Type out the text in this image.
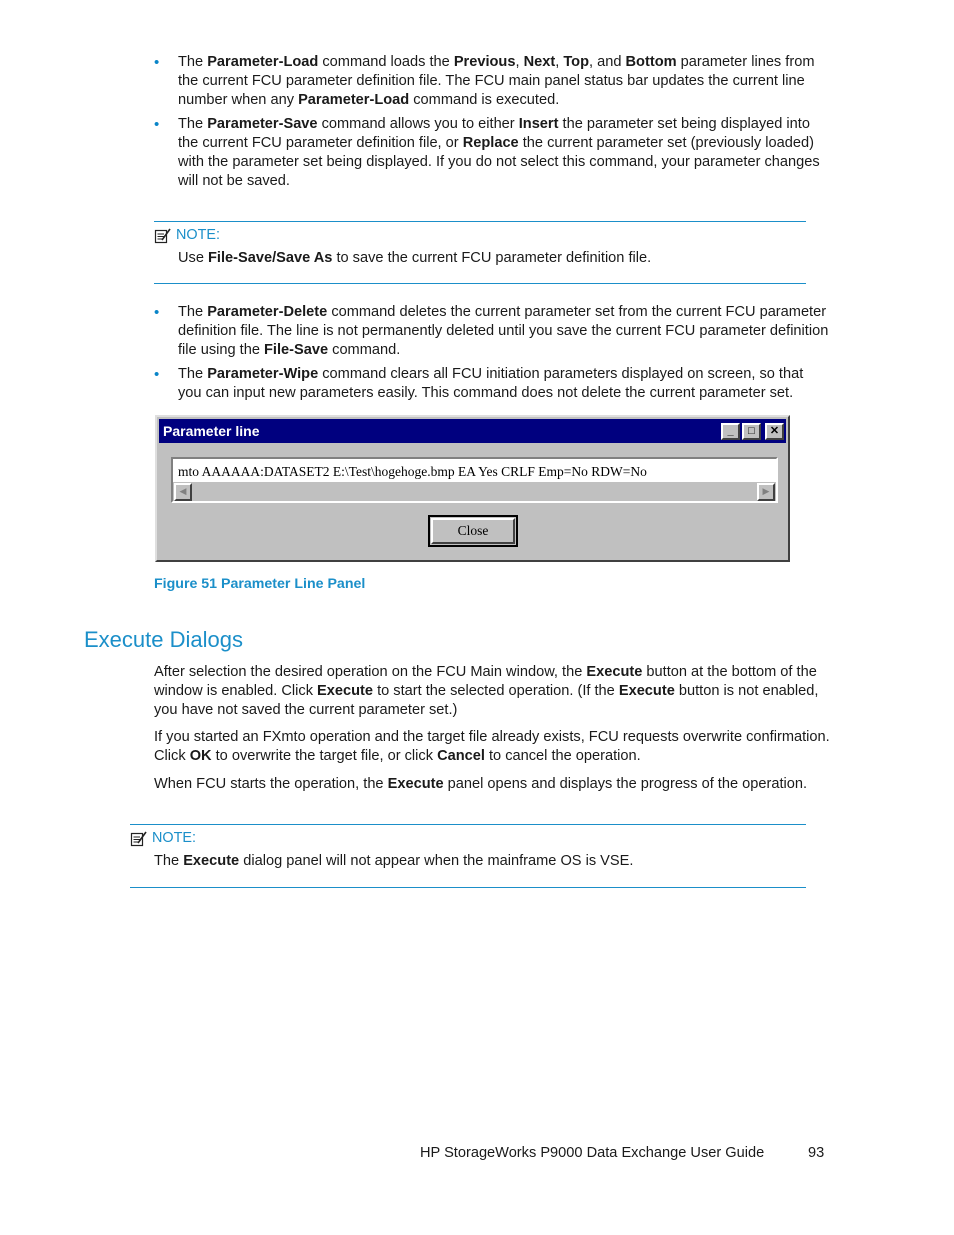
• The Parameter-Load command loads the Previous, Next, Top, and Bottom parameter lines from the current FCU parameter definition file. The FCU main panel status bar updates the current line number when any Parameter-Load command is executed.
• The Parameter-Save command allows you to either Insert the parameter set being displayed into the current FCU parameter definition file, or Replace the current parameter set (previously loaded) with the parameter set being displayed. If you do not select this command, your parameter changes will not be saved.
NOTE:
Use File-Save/Save As to save the current FCU parameter definition file.
• The Parameter-Delete command deletes the current parameter set from the current FCU parameter definition file. The line is not permanently deleted until you save the current FCU parameter definition file using the File-Save command.
• The Parameter-Wipe command clears all FCU initiation parameters displayed on screen, so that you can input new parameters easily. This command does not delete the current parameter set.
Parameter line	_	□	✕
mto AAAAAA:DATASET2 E:\Test\hogehoge.bmp EA Yes CRLF Emp=No RDW=No
◀	▶
Close
Figure 51 Parameter Line Panel
Execute Dialogs
After selection the desired operation on the FCU Main window, the Execute button at the bottom of the window is enabled. Click Execute to start the selected operation. (If the Execute button is not enabled, you have not saved the current parameter set.)
If you started an FXmto operation and the target file already exists, FCU requests overwrite confirmation. Click OK to overwrite the target file, or click Cancel to cancel the operation.
When FCU starts the operation, the Execute panel opens and displays the progress of the operation.
NOTE:
The Execute dialog panel will not appear when the mainframe OS is VSE.
HP StorageWorks P9000 Data Exchange User Guide	93
